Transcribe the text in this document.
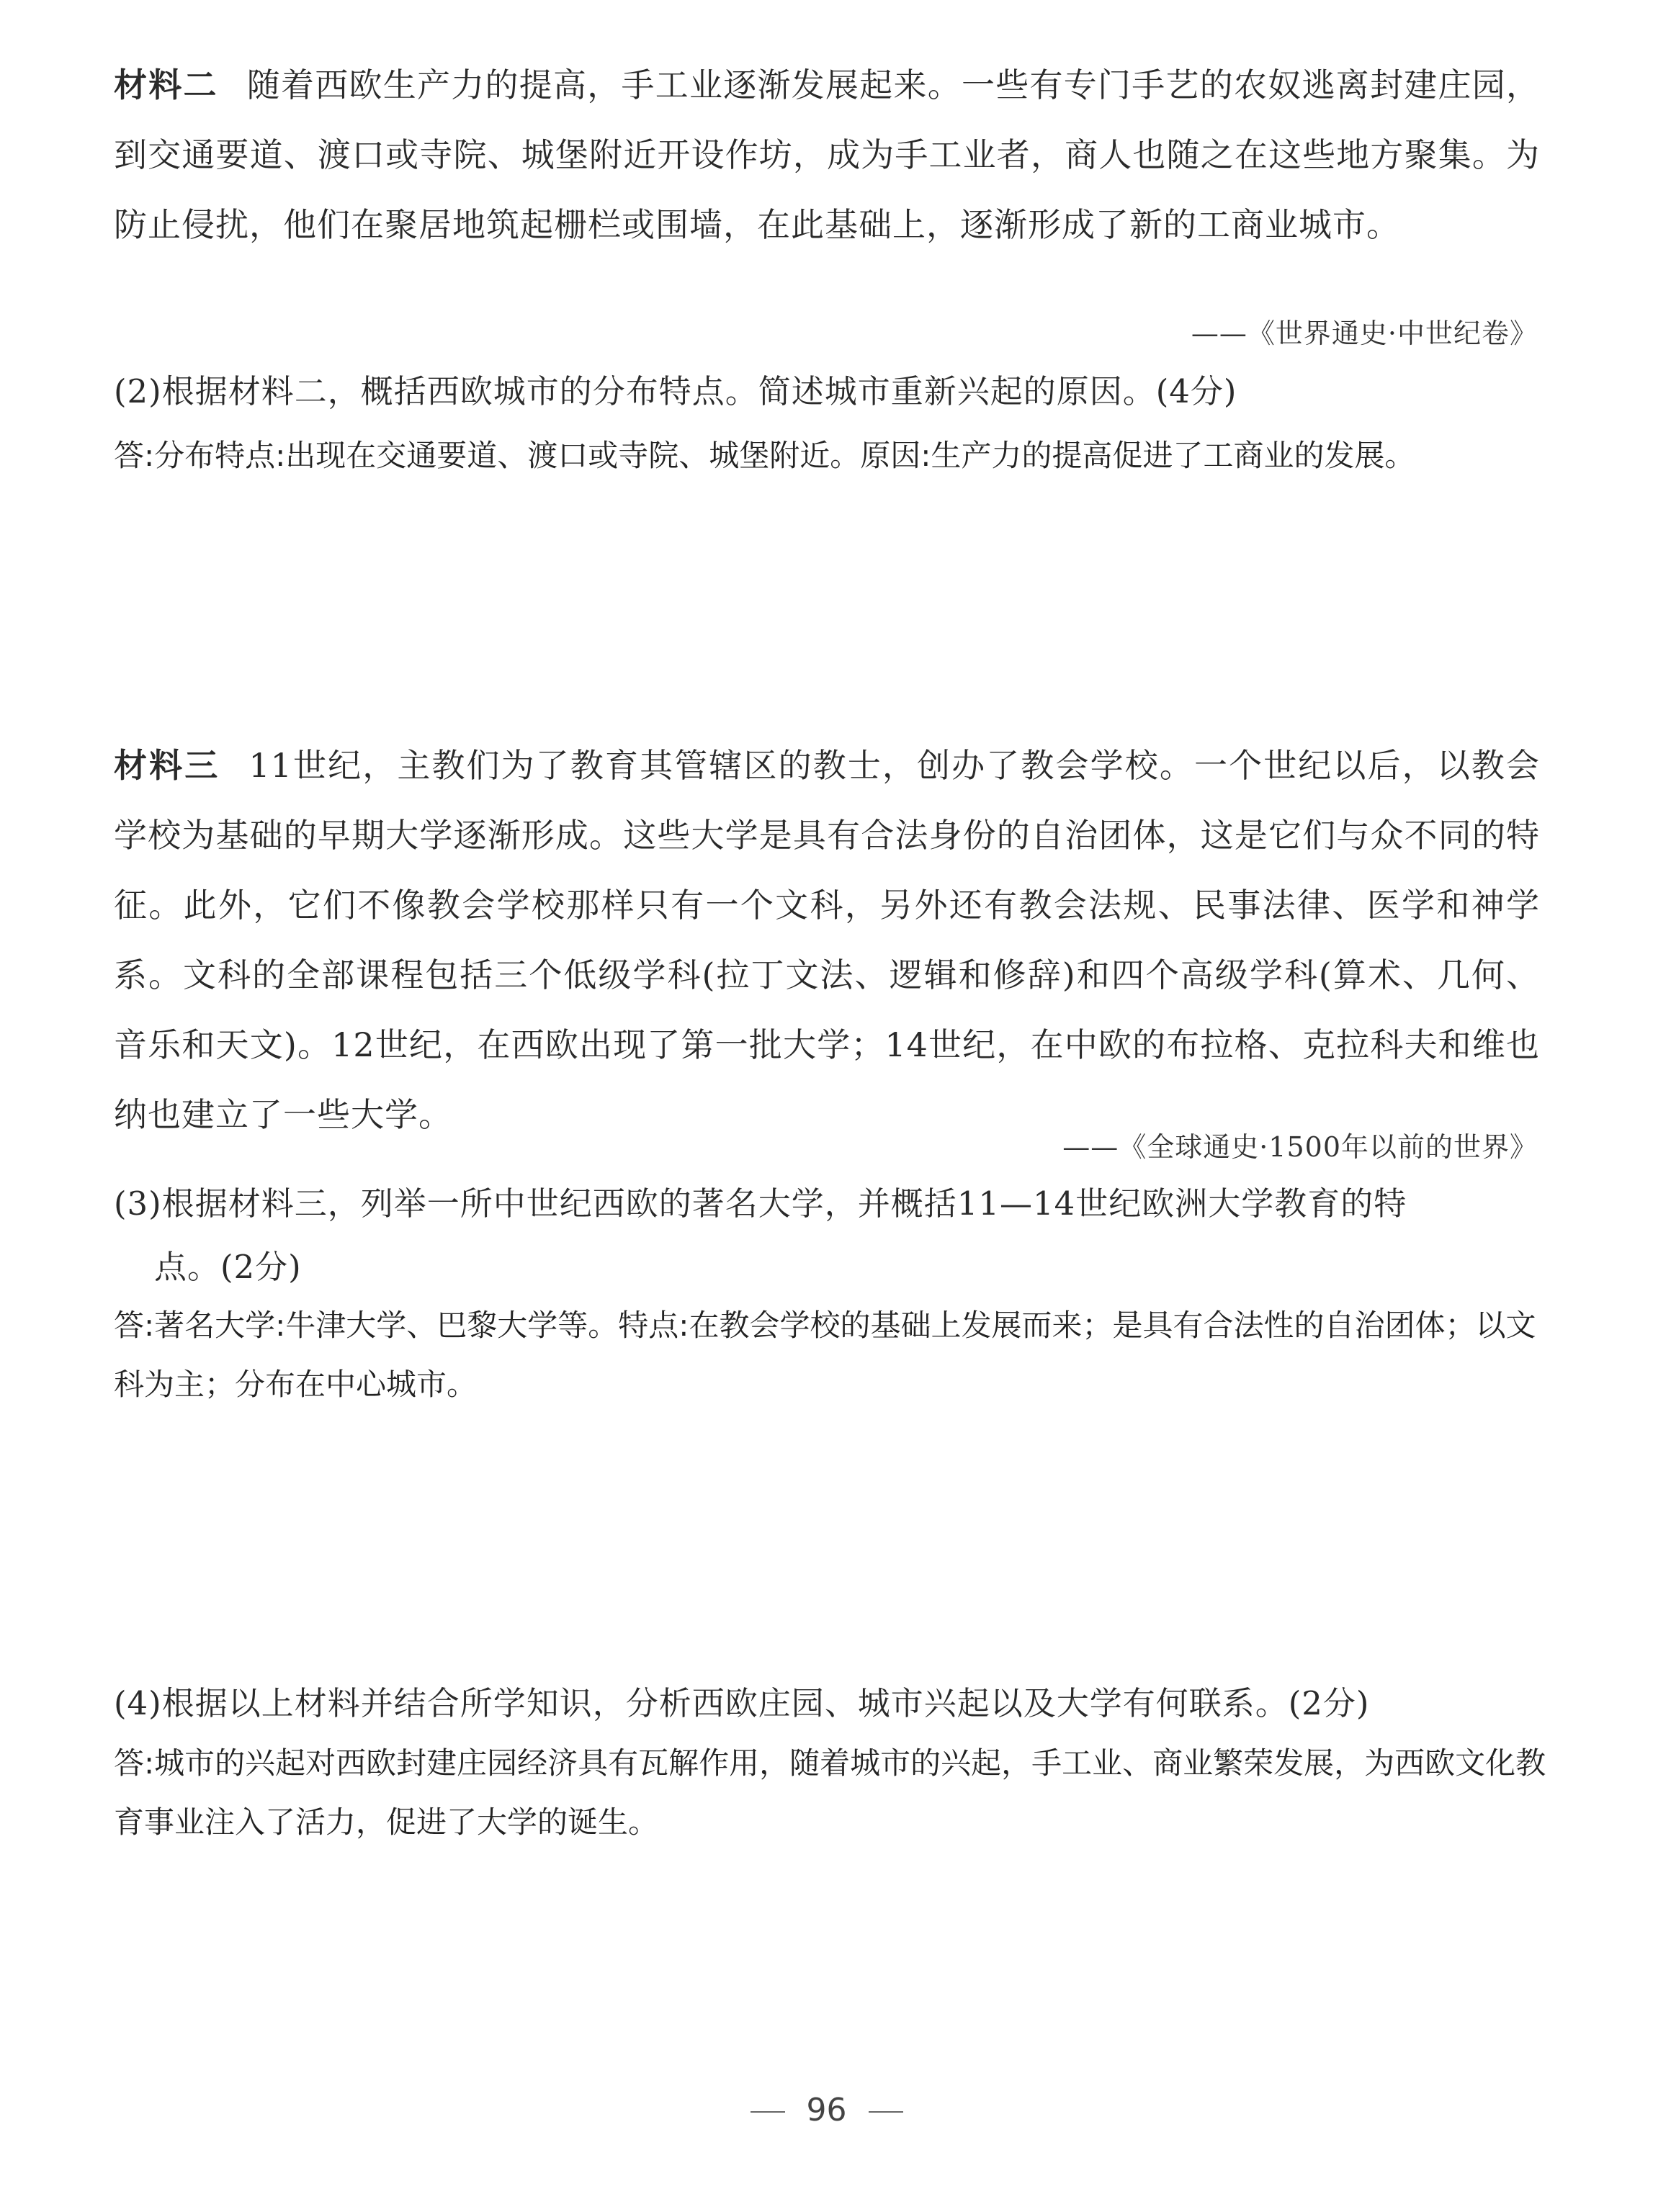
材料二 随着西欧生产力的提高，手工业逐渐发展起来。一些有专门手艺的农奴逃离封建庄园，到交通要道、渡口或寺院、城堡附近开设作坊，成为手工业者，商人也随之在这些地方聚集。为防止侵扰，他们在聚居地筑起栅栏或围墙，在此基础上，逐渐形成了新的工商业城市。

——《世界通史·中世纪卷》

(2)根据材料二，概括西欧城市的分布特点。简述城市重新兴起的原因。(4分)

答:分布特点:出现在交通要道、渡口或寺院、城堡附近。原因:生产力的提高促进了工商业的发展。

材料三 11世纪，主教们为了教育其管辖区的教士，创办了教会学校。一个世纪以后，以教会学校为基础的早期大学逐渐形成。这些大学是具有合法身份的自治团体，这是它们与众不同的特征。此外，它们不像教会学校那样只有一个文科，另外还有教会法规、民事法律、医学和神学系。文科的全部课程包括三个低级学科(拉丁文法、逻辑和修辞)和四个高级学科(算术、几何、音乐和天文)。12世纪，在西欧出现了第一批大学；14世纪，在中欧的布拉格、克拉科夫和维也纳也建立了一些大学。

——《全球通史·1500年以前的世界》

(3)根据材料三，列举一所中世纪西欧的著名大学，并概括11—14世纪欧洲大学教育的特
点。(2分)

答:著名大学:牛津大学、巴黎大学等。特点:在教会学校的基础上发展而来；是具有合法性的自治团体；以文科为主；分布在中心城市。

(4)根据以上材料并结合所学知识，分析西欧庄园、城市兴起以及大学有何联系。(2分)

答:城市的兴起对西欧封建庄园经济具有瓦解作用，随着城市的兴起，手工业、商业繁荣发展，为西欧文化教育事业注入了活力，促进了大学的诞生。

96
